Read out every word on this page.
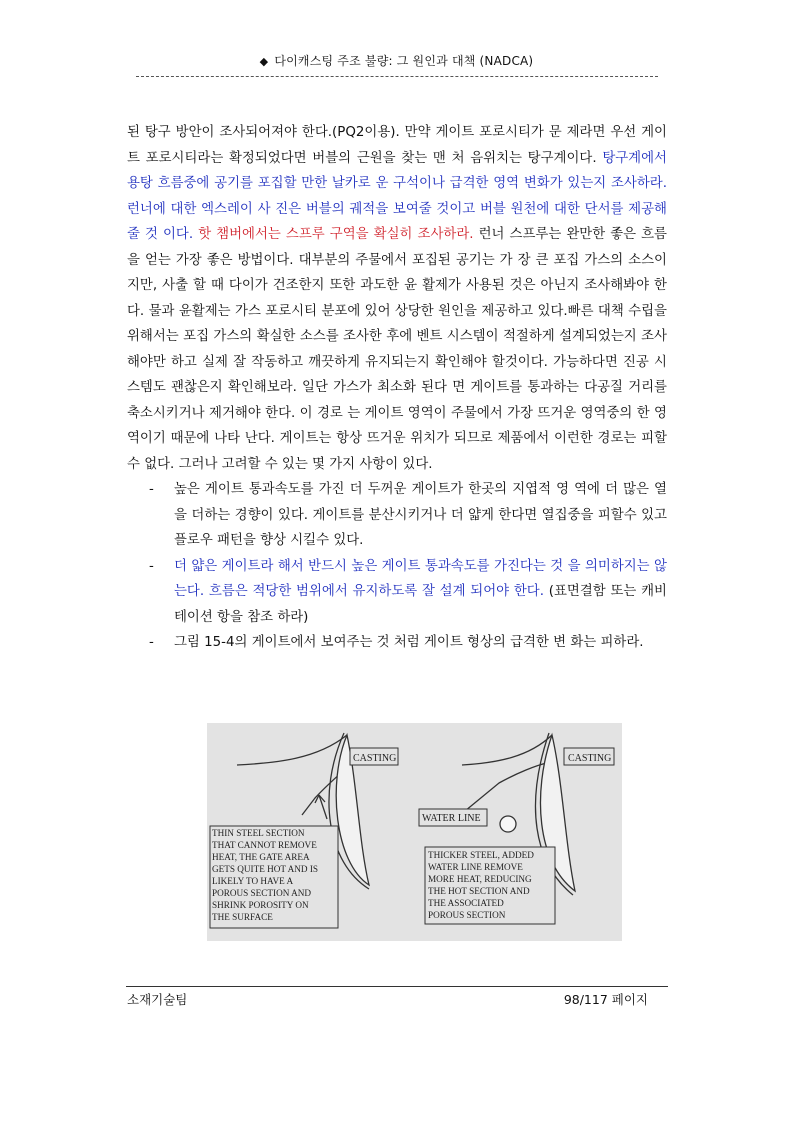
◆ 다이캐스팅 주조 불량: 그 원인과 대책 (NADCA)

된 탕구 방안이 조사되어져야 한다.(PQ2이용). 만약 게이트 포로시티가 문 제라면 우선 게이트 포로시티라는 확정되었다면 버블의 근원을 찾는 맨 처 음위치는 탕구계이다. 탕구계에서 용탕 흐름중에 공기를 포집할 만한 날카로 운 구석이나 급격한 영역 변화가 있는지 조사하라. 런너에 대한 엑스레이 사 진은 버블의 궤적을 보여줄 것이고 버블 원천에 대한 단서를 제공해줄 것 이다. 핫 챔버에서는 스프루 구역을 확실히 조사하라. 런너 스프루는 완만한 좋은 흐름을 얻는 가장 좋은 방법이다. 대부분의 주물에서 포집된 공기는 가 장 큰 포집 가스의 소스이지만, 사출 할 때 다이가 건조한지 또한 과도한 윤 활제가 사용된 것은 아닌지 조사해봐야 한다. 물과 윤활제는 가스 포로시티 분포에 있어 상당한 원인을 제공하고 있다.빠른 대책 수립을 위해서는 포집 가스의 확실한 소스를 조사한 후에 벤트 시스템이 적절하게 설계되었는지 조사해야만 하고 실제 잘 작동하고 깨끗하게 유지되는지 확인해야 할것이다. 가능하다면 진공 시스템도 괜찮은지 확인해보라. 일단 가스가 최소화 된다 면 게이트를 통과하는 다공질 거리를 축소시키거나 제거해야 한다. 이 경로 는 게이트 영역이 주물에서 가장 뜨거운 영역중의 한 영역이기 때문에 나타 난다. 게이트는 항상 뜨거운 위치가 되므로 제품에서 이런한 경로는 피할수 없다. 그러나 고려할 수 있는 몇 가지 사항이 있다.

- 높은 게이트 통과속도를 가진 더 두꺼운 게이트가 한곳의 지엽적 영 역에 더 많은 열을 더하는 경향이 있다. 게이트를 분산시키거나 더 얇게 한다면 열집중을 피할수 있고 플로우 패턴을 향상 시킬수 있다.
- 더 얇은 게이트라 해서 반드시 높은 게이트 통과속도를 가진다는 것 을 의미하지는 않는다. 흐름은 적당한 범위에서 유지하도록 잘 설계 되어야 한다. (표면결함 또는 캐비테이션 항을 참조 하라)
- 그림 15-4의 게이트에서 보여주는 것 처럼 게이트 형상의 급격한 변 화는 피하라.
CASTING	CASTING
WATER LINE
THIN STEEL SECTION THAT CANNOT REMOVE HEAT, THE GATE AREA GETS QUITE HOT AND IS LIKELY TO HAVE A POROUS SECTION AND SHRINK POROSITY ON THE SURFACE
THICKER STEEL, ADDED WATER LINE REMOVE MORE HEAT, REDUCING THE HOT SECTION AND THE ASSOCIATED POROUS SECTION
소재기술팀	98/117 페이지
